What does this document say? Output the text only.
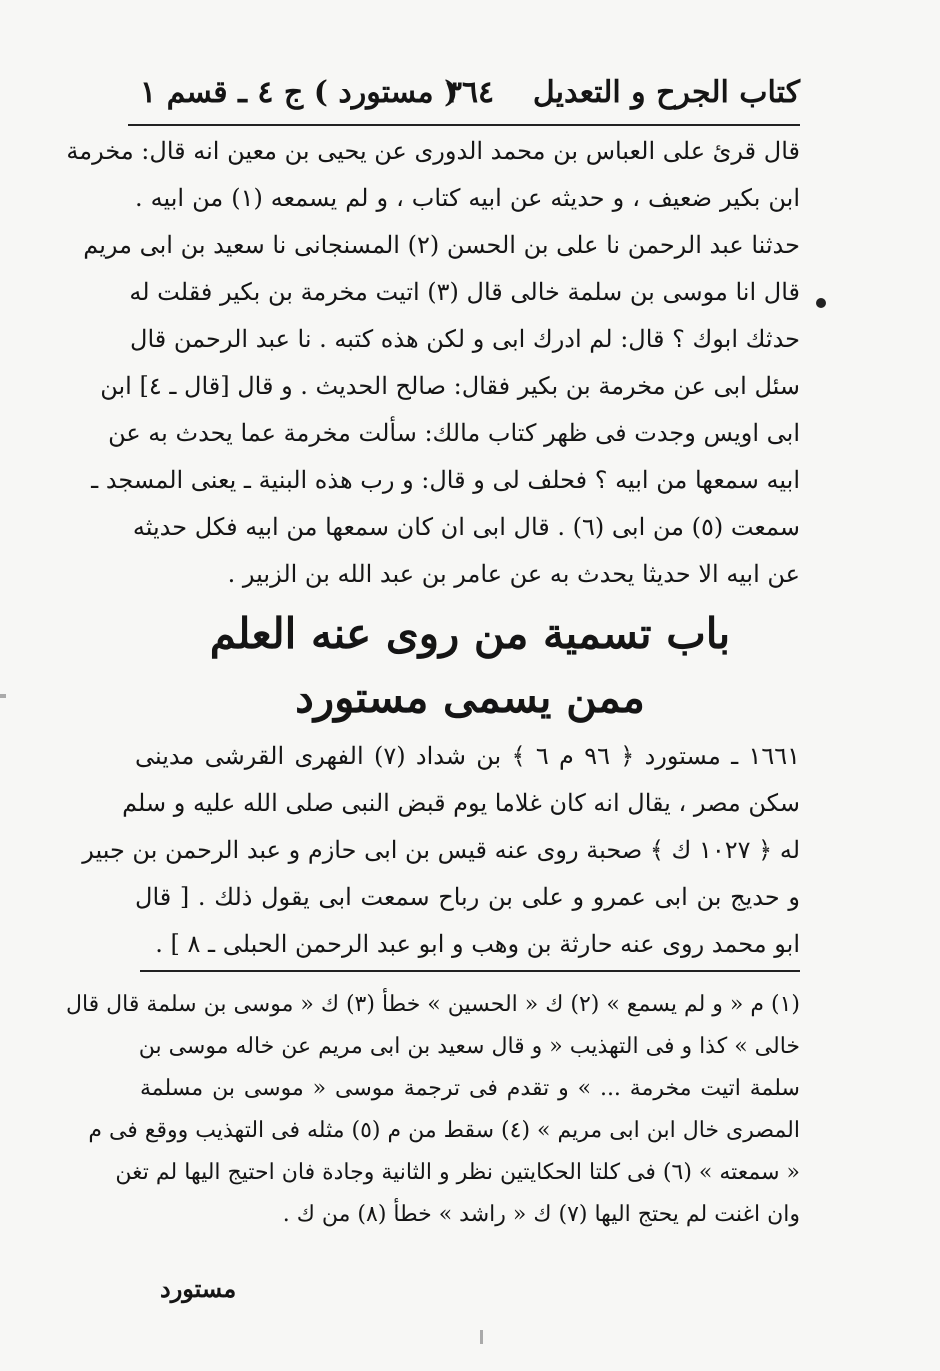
كتاب الجرح و التعديل
٣٦٤
( مستورد ) ج ٤ ـ قسم ١
قال قرئ على العباس بن محمد الدورى عن يحيى بن معين انه قال: مخرمة
ابن بكير ضعيف ، و حديثه عن ابيه كتاب ، و لم يسمعه (١) من ابيه .
حدثنا عبد الرحمن نا على بن الحسن (٢) المسنجانى نا سعيد بن ابى مريم
قال انا موسى بن سلمة خالى قال (٣) اتيت مخرمة بن بكير فقلت له
حدثك ابوك ؟ قال: لم ادرك ابى و لكن هذه كتبه . نا عبد الرحمن قال
سئل ابى عن مخرمة بن بكير فقال: صالح الحديث . و قال [قال ـ ٤] ابن
ابى اويس وجدت فى ظهر كتاب مالك: سألت مخرمة عما يحدث به عن
ابيه سمعها من ابيه ؟ فحلف لى و قال: و رب هذه البنية ـ يعنى المسجد ـ
سمعت (٥) من ابى (٦) . قال ابى ان كان سمعها من ابيه فكل حديثه
عن ابيه الا حديثا يحدث به عن عامر بن عبد الله بن الزبير .
باب تسمية من روى عنه العلم
ممن يسمى مستورد
١٦٦١ ـ مستورد ﴿ ٩٦ م ٦ ﴾ بن شداد (٧) الفهرى القرشى مدينى
سكن مصر ، يقال انه كان غلاما يوم قبض النبى صلى الله عليه و سلم
له ﴿ ١٠٢٧ ك ﴾ صحبة روى عنه قيس بن ابى حازم و عبد الرحمن بن جبير
و حديج بن ابى عمرو و على بن رباح سمعت ابى يقول ذلك . [ قال
ابو محمد روى عنه حارثة بن وهب و ابو عبد الرحمن الحبلى ـ ٨ ] .
(١) م « و لم يسمع » (٢) ك « الحسين » خطأ (٣) ك « موسى بن سلمة قال قال
خالى » كذا و فى التهذيب « و قال سعيد بن ابى مريم عن خاله موسى بن
سلمة اتيت مخرمة ... » و تقدم فى ترجمة موسى « موسى بن مسلمة
المصرى خال ابن ابى مريم » (٤) سقط من م (٥) مثله فى التهذيب ووقع فى م
« سمعته » (٦) فى كلتا الحكايتين نظر و الثانية وجادة فان احتيج اليها لم تغن
وان اغنت لم يحتج اليها (٧) ك « راشد » خطأ (٨) من ك .
مستورد
